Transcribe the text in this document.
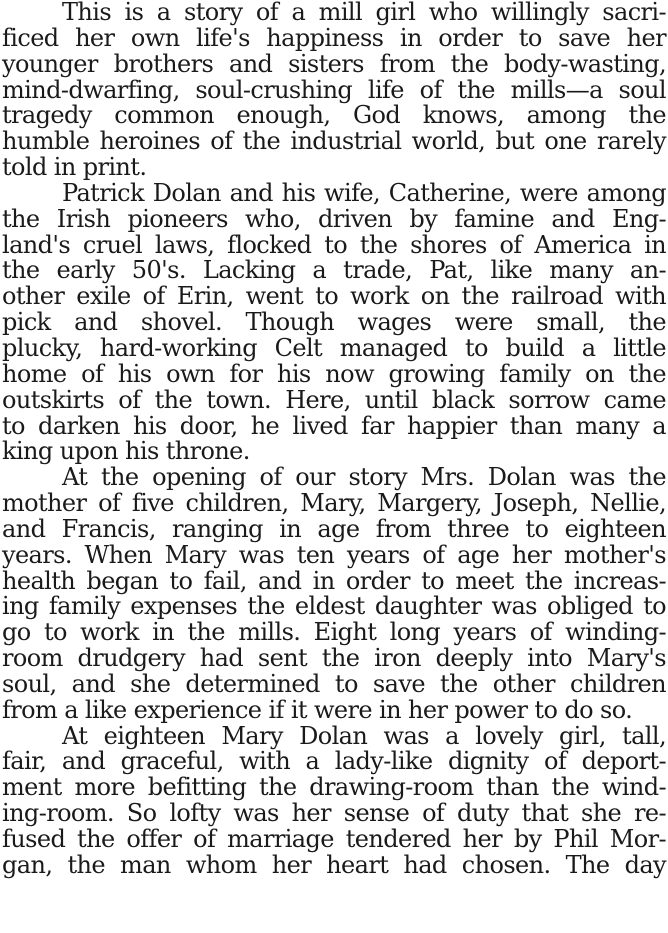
This is a story of a mill girl who willingly sacri-
ficed her own life's happiness in order to save her
younger brothers and sisters from the body-wasting,
mind-dwarfing, soul-crushing life of the mills—a soul
tragedy common enough, God knows, among the
humble heroines of the industrial world, but one rarely
told in print.
Patrick Dolan and his wife, Catherine, were among
the Irish pioneers who, driven by famine and Eng-
land's cruel laws, flocked to the shores of America in
the early 50's. Lacking a trade, Pat, like many an-
other exile of Erin, went to work on the railroad with
pick and shovel. Though wages were small, the
plucky, hard-working Celt managed to build a little
home of his own for his now growing family on the
outskirts of the town. Here, until black sorrow came
to darken his door, he lived far happier than many a
king upon his throne.
At the opening of our story Mrs. Dolan was the
mother of five children, Mary, Margery, Joseph, Nellie,
and Francis, ranging in age from three to eighteen
years. When Mary was ten years of age her mother's
health began to fail, and in order to meet the increas-
ing family expenses the eldest daughter was obliged to
go to work in the mills. Eight long years of winding-
room drudgery had sent the iron deeply into Mary's
soul, and she determined to save the other children
from a like experience if it were in her power to do so.
At eighteen Mary Dolan was a lovely girl, tall,
fair, and graceful, with a lady-like dignity of deport-
ment more befitting the drawing-room than the wind-
ing-room. So lofty was her sense of duty that she re-
fused the offer of marriage tendered her by Phil Mor-
gan, the man whom her heart had chosen. The day
